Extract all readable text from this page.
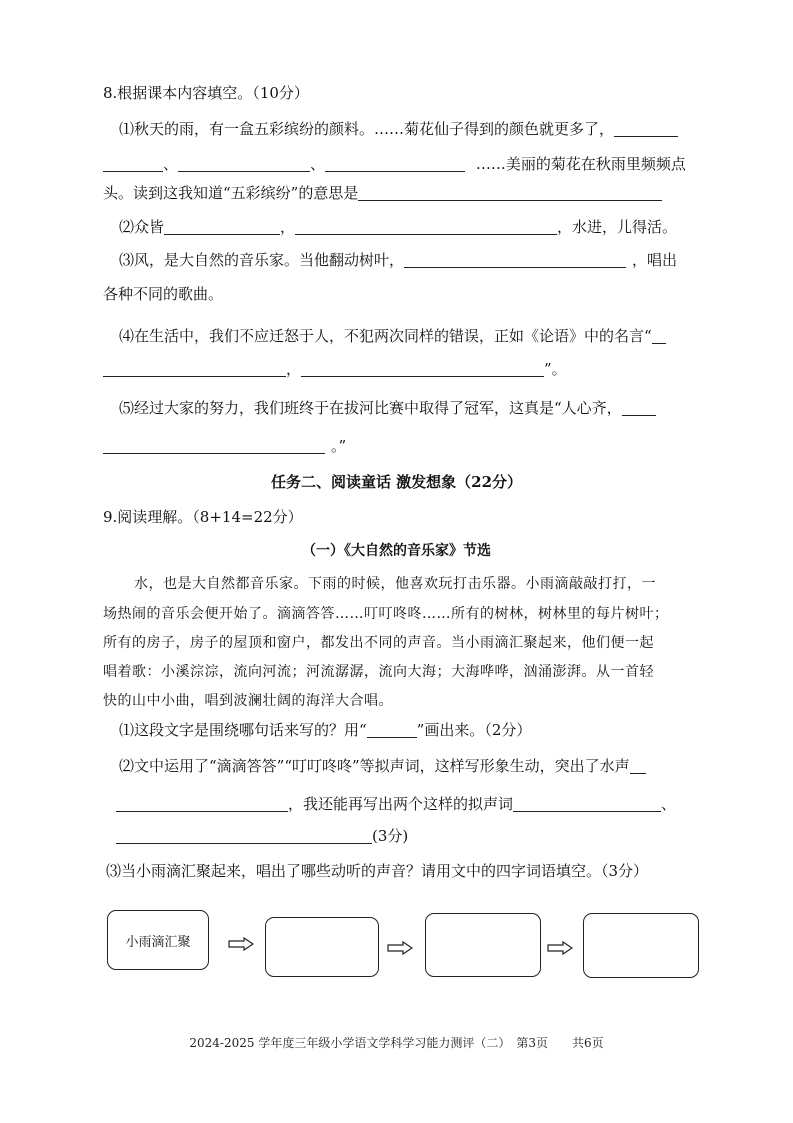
8.根据课本内容填空。（10分）
⑴秋天的雨，有一盒五彩缤纷的颜料。……菊花仙子得到的颜色就更多了，
、	、	……美丽的菊花在秋雨里频频点
头。读到这我知道“五彩缤纷”的意思是
⑵众皆	，	，水进，儿得活。
⑶风，是大自然的音乐家。当他翻动树叶，	，唱出
各种不同的歌曲。
⑷在生活中，我们不应迁怒于人，不犯两次同样的错误，正如《论语》中的名言“
，	”。
⑸经过大家的努力，我们班终于在拔河比赛中取得了冠军，这真是“人心齐，
。”
任务二、阅读童话 激发想象（22分）
9.阅读理解。（8+14=22分）
（一）《大自然的音乐家》节选
水，也是大自然都音乐家。下雨的时候，他喜欢玩打击乐器。小雨滴敲敲打打，一
场热闹的音乐会便开始了。滴滴答答……叮叮咚咚……所有的树林，树林里的每片树叶；
所有的房子，房子的屋顶和窗户，都发出不同的声音。当小雨滴汇聚起来，他们便一起
唱着歌：小溪淙淙，流向河流；河流潺潺，流向大海；大海哗哗，汹涌澎湃。从一首轻
快的山中小曲，唱到波澜壮阔的海洋大合唱。
⑴这段文字是围绕哪句话来写的？用“	”画出来。（2分）
⑵文中运用了“滴滴答答”“叮叮咚咚”等拟声词，这样写形象生动，突出了水声
，我还能再写出两个这样的拟声词	、
(3分)
⑶当小雨滴汇聚起来，唱出了哪些动听的声音？请用文中的四字词语填空。（3分）
小雨滴汇聚
2024-2025 学年度三年级小学语文学科学习能力测评（二）　第3页　　共6页
